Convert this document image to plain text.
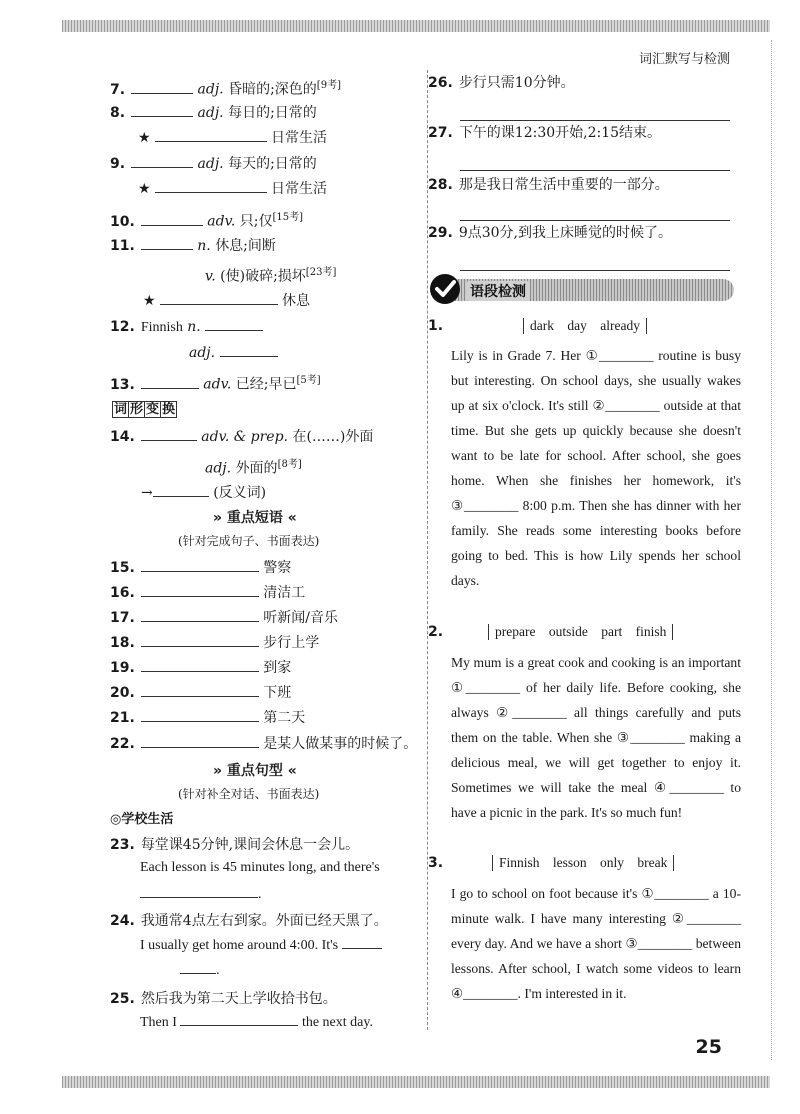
词汇默写与检测
7.	adj. 昏暗的;深色的[9考]
8.	adj. 每日的;日常的
★	日常生活
9.	adj. 每天的;日常的
★	日常生活
10.	adv. 只;仅[15考]
11.	n. 休息;间断
v. (使)破碎;损坏[23考]
★	休息
12. Finnish n.
adj.
13.	adv. 已经;早已[5考]
词 形 变 换
14.	adv. & prep. 在(……)外面
adj. 外面的[8考]
→	(反义词)
» 重点短语 «
(针对完成句子、书面表达)
15.	警察
16.	清洁工
17.	听新闻/音乐
18.	步行上学
19.	到家
20.	下班
21.	第二天
22.	是某人做某事的时候了。
» 重点句型 «
(针对补全对话、书面表达)
◎学校生活
23. 每堂课45分钟,课间会休息一会儿。
Each lesson is 45 minutes long, and there's
.
24. 我通常4点左右到家。外面已经天黑了。
I usually get home around 4:00. It's
.
25. 然后我为第二天上学收拾书包。
Then I	the next day.
26. 步行只需10分钟。
27. 下午的课12:30开始,2:15结束。
28. 那是我日常生活中重要的一部分。
29. 9点30分,到我上床睡觉的时候了。
语段检测
1.	dark day already
Lily is in Grade 7. Her ①________ routine is busy but interesting. On school days, she usually wakes up at six o'clock. It's still ②________ outside at that time. But she gets up quickly because she doesn't want to be late for school. After school, she goes home. When she finishes her homework, it's ③________ 8:00 p.m. Then she has dinner with her family. She reads some interesting books before going to bed. This is how Lily spends her school days.
2.	prepare outside part finish
My mum is a great cook and cooking is an important ①________ of her daily life. Before cooking, she always ②________ all things carefully and puts them on the table. When she ③________ making a delicious meal, we will get together to enjoy it. Sometimes we will take the meal ④________ to have a picnic in the park. It's so much fun!
3.	Finnish lesson only break
I go to school on foot because it's ①________ a 10-minute walk. I have many interesting ②________ every day. And we have a short ③________ between lessons. After school, I watch some videos to learn ④________. I'm interested in it.
25
